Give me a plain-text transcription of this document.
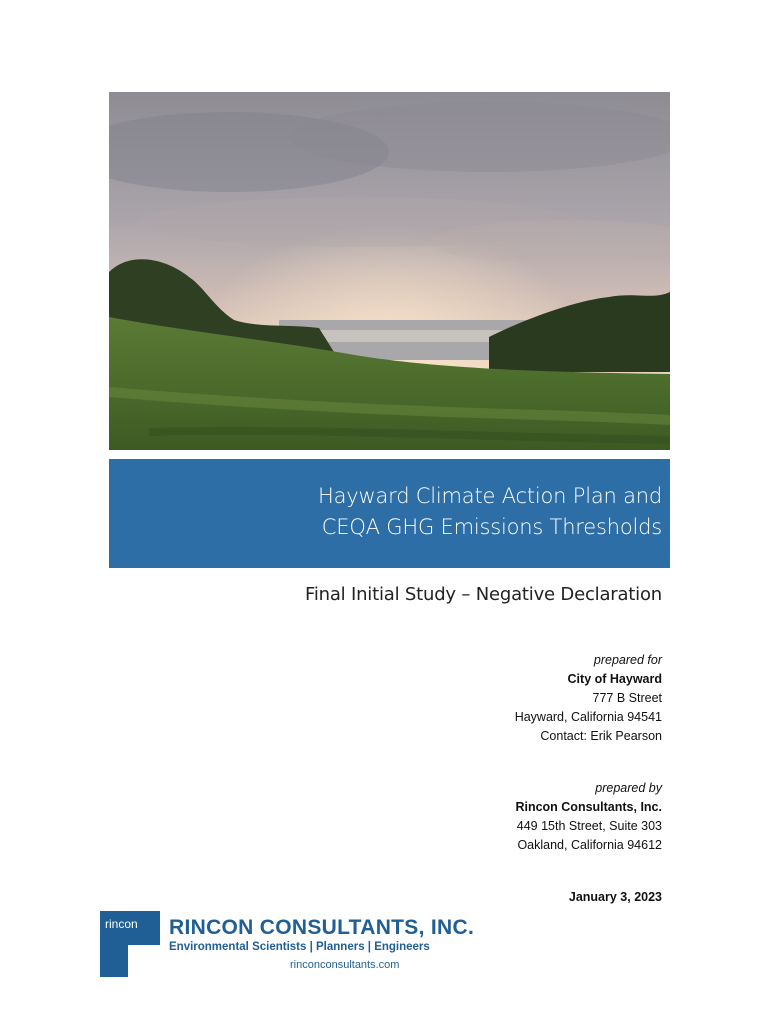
Hayward Climate Action Plan and
CEQA GHG Emissions Thresholds
Final Initial Study – Negative Declaration
prepared for
City of Hayward
777 B Street
Hayward, California 94541
Contact: Erik Pearson
prepared by
Rincon Consultants, Inc.
449 15th Street, Suite 303
Oakland, California 94612
January 3, 2023
rincon RINCON CONSULTANTS, INC.
Environmental Scientists | Planners | Engineers
rinconconsultants.com
